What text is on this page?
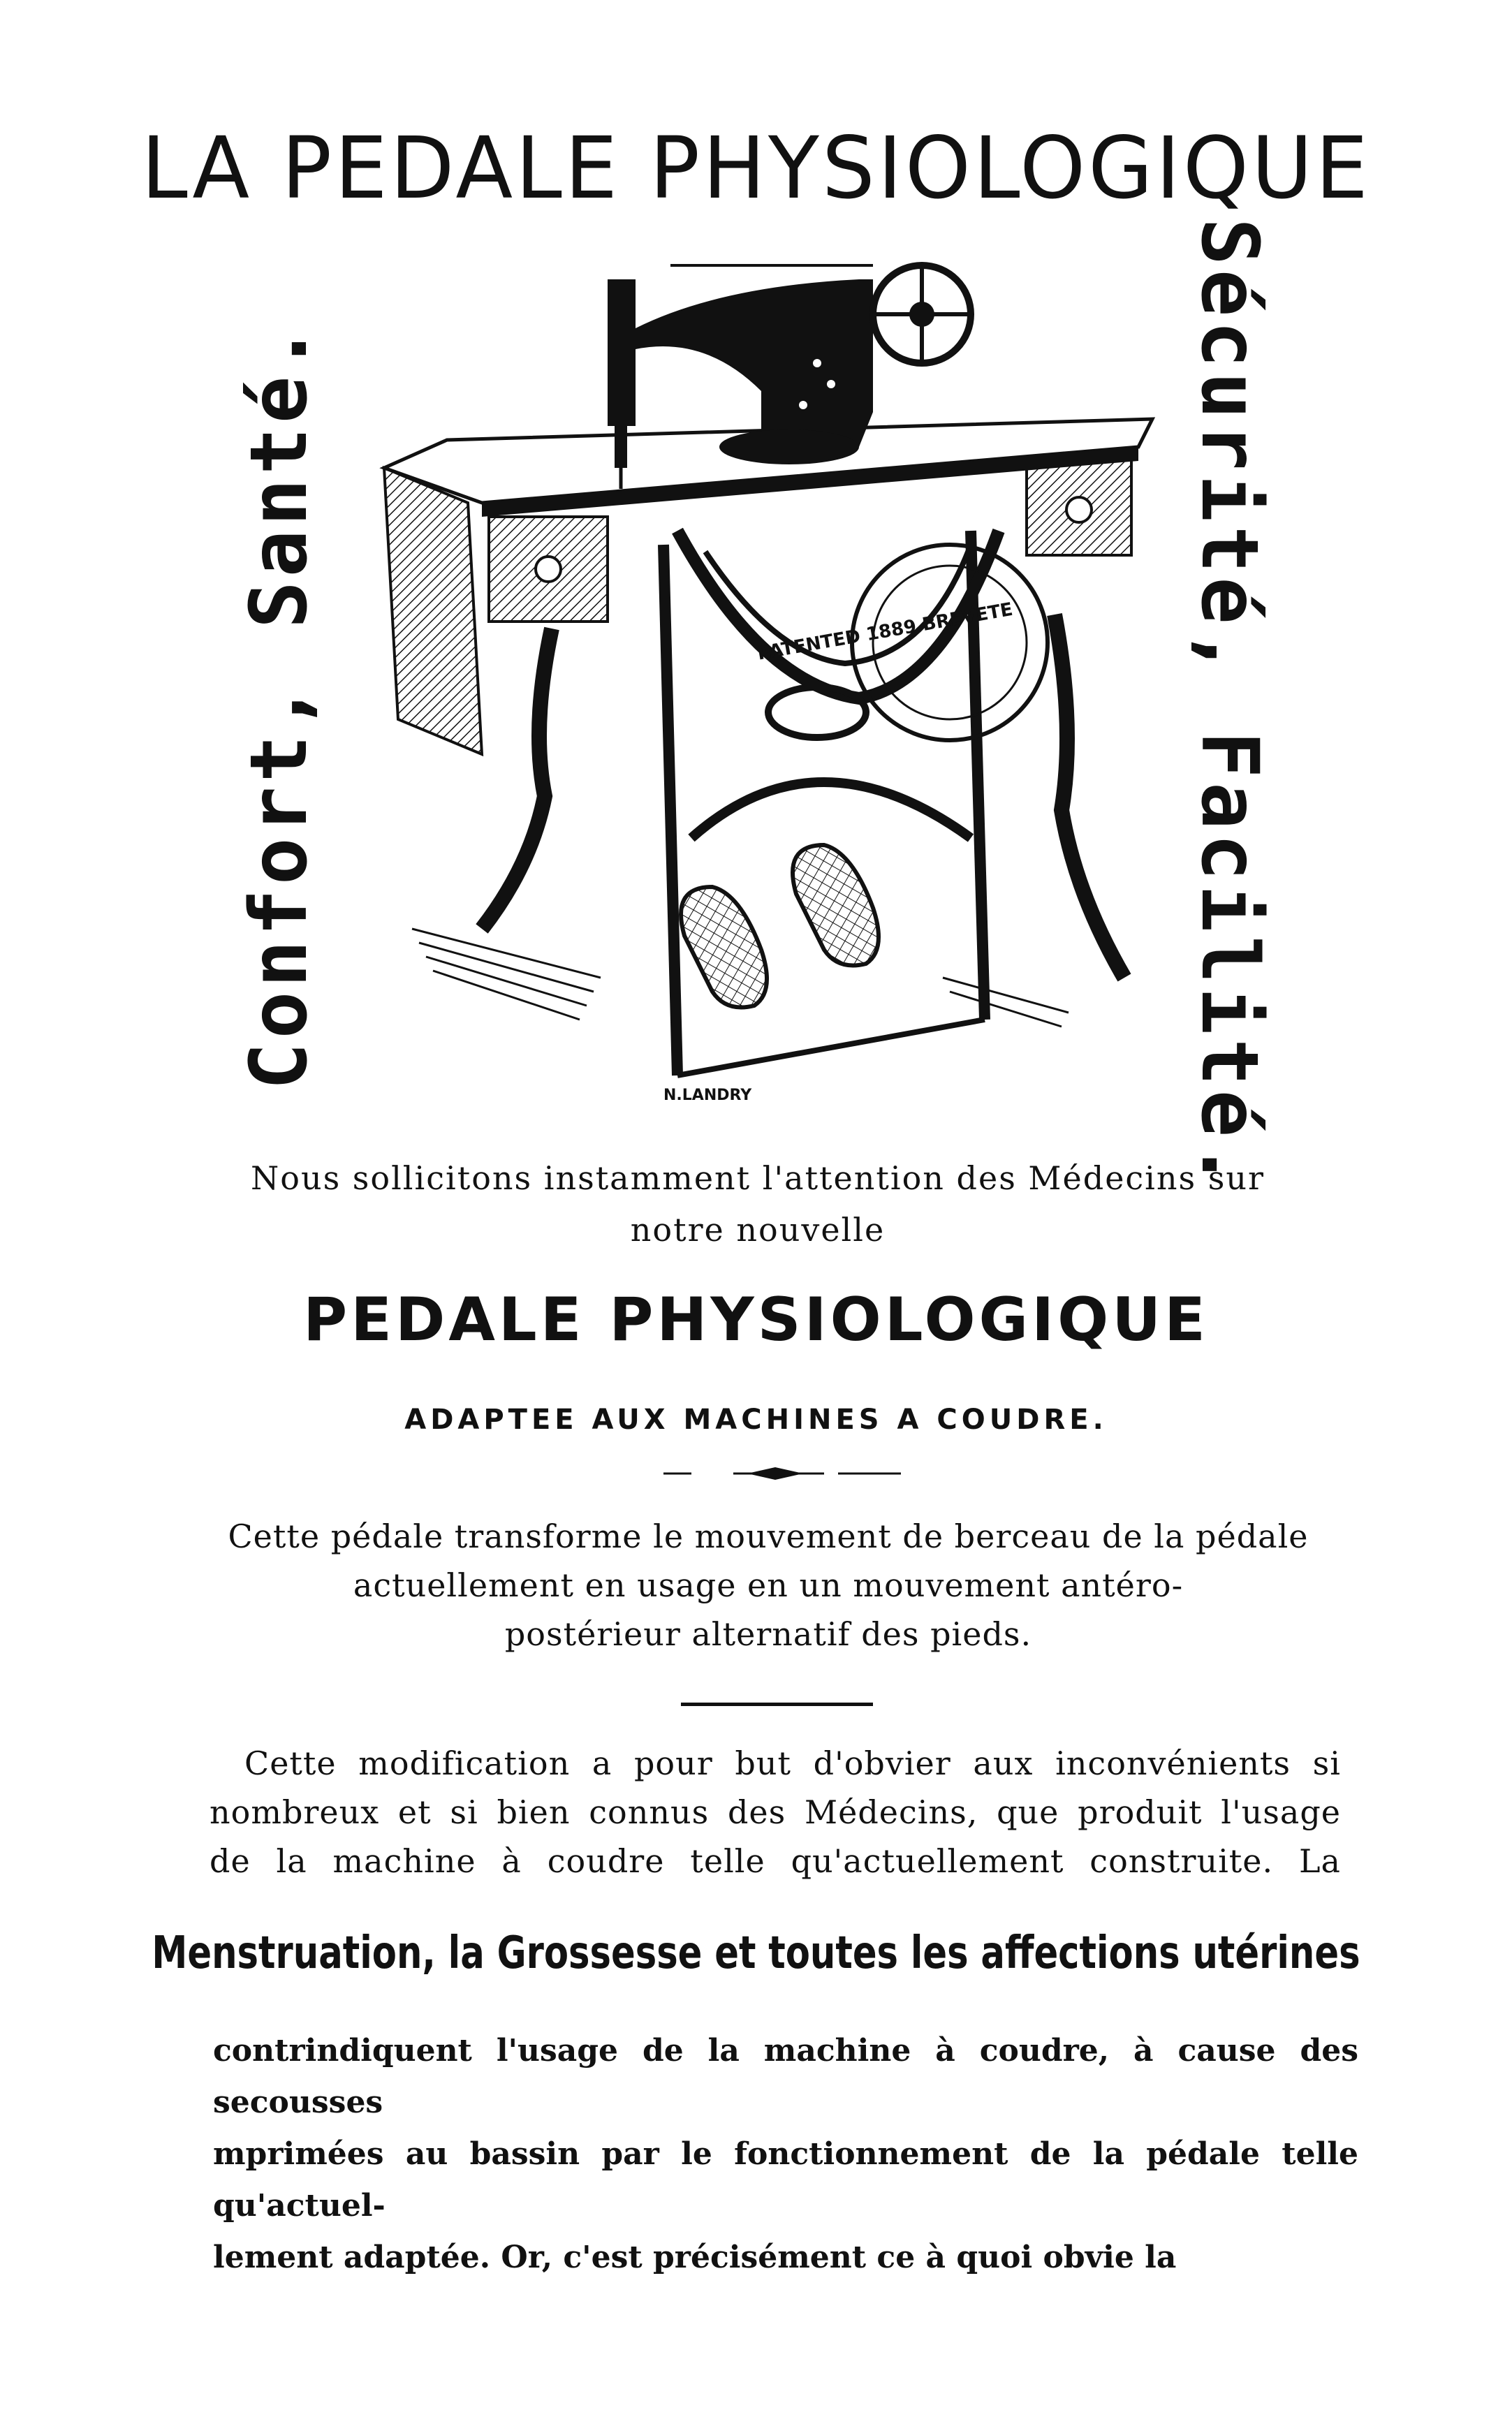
LA PEDALE PHYSIOLOGIQUE
Confort, Santé.	Sécurité, Facilité.
PATENTED 1889 BREVETE
N.LANDRY
Nous sollicitons instamment l'attention des Médecins sur
notre nouvelle
PEDALE PHYSIOLOGIQUE
ADAPTEE AUX MACHINES A COUDRE.
Cette pédale transforme le mouvement de berceau de la pédale
actuellement en usage en un mouvement antéro-
postérieur alternatif des pieds.
Cette modification a pour but d'obvier aux inconvénients si
nombreux et si bien connus des Médecins, que produit l'usage
de la machine à coudre telle qu'actuellement construite. La
Menstruation, la Grossesse et toutes les affections utérines
contrindiquent l'usage de la machine à coudre, à cause des secousses
mprimées au bassin par le fonctionnement de la pédale telle qu'actuel-
lement adaptée. Or, c'est précisément ce à quoi obvie la
